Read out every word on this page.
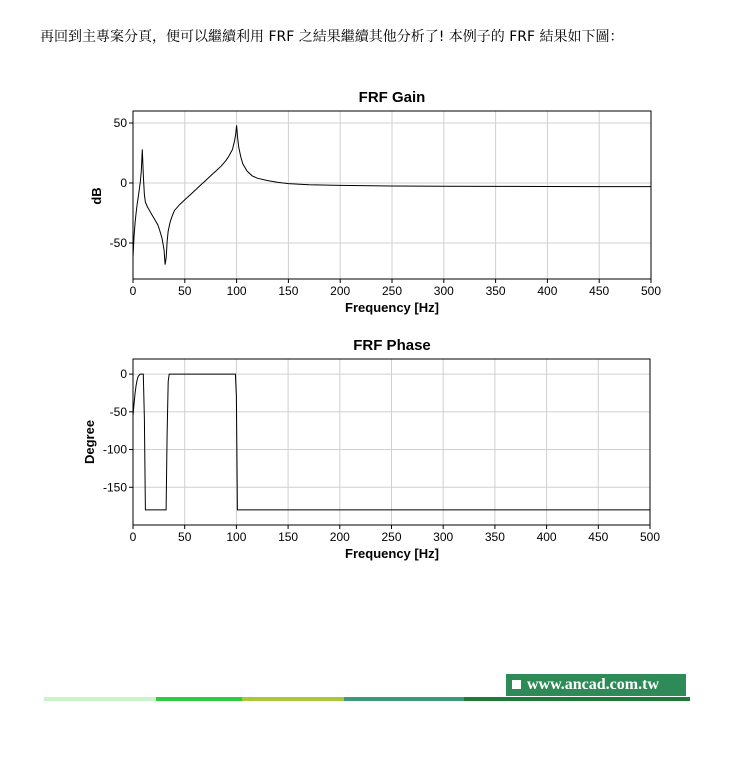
再回到主專案分頁，便可以繼續利用 FRF 之結果繼續其他分析了! 本例子的 FRF 結果如下圖：
FRF Gain
0	50	100	150	200	250	300	350	400	450	500
-50
0
50
Frequency [Hz]
dB
FRF Phase
0	50	100	150	200	250	300	350	400	450	500
-150
-100
-50
0
Frequency [Hz]
Degree
www.ancad.com.tw
